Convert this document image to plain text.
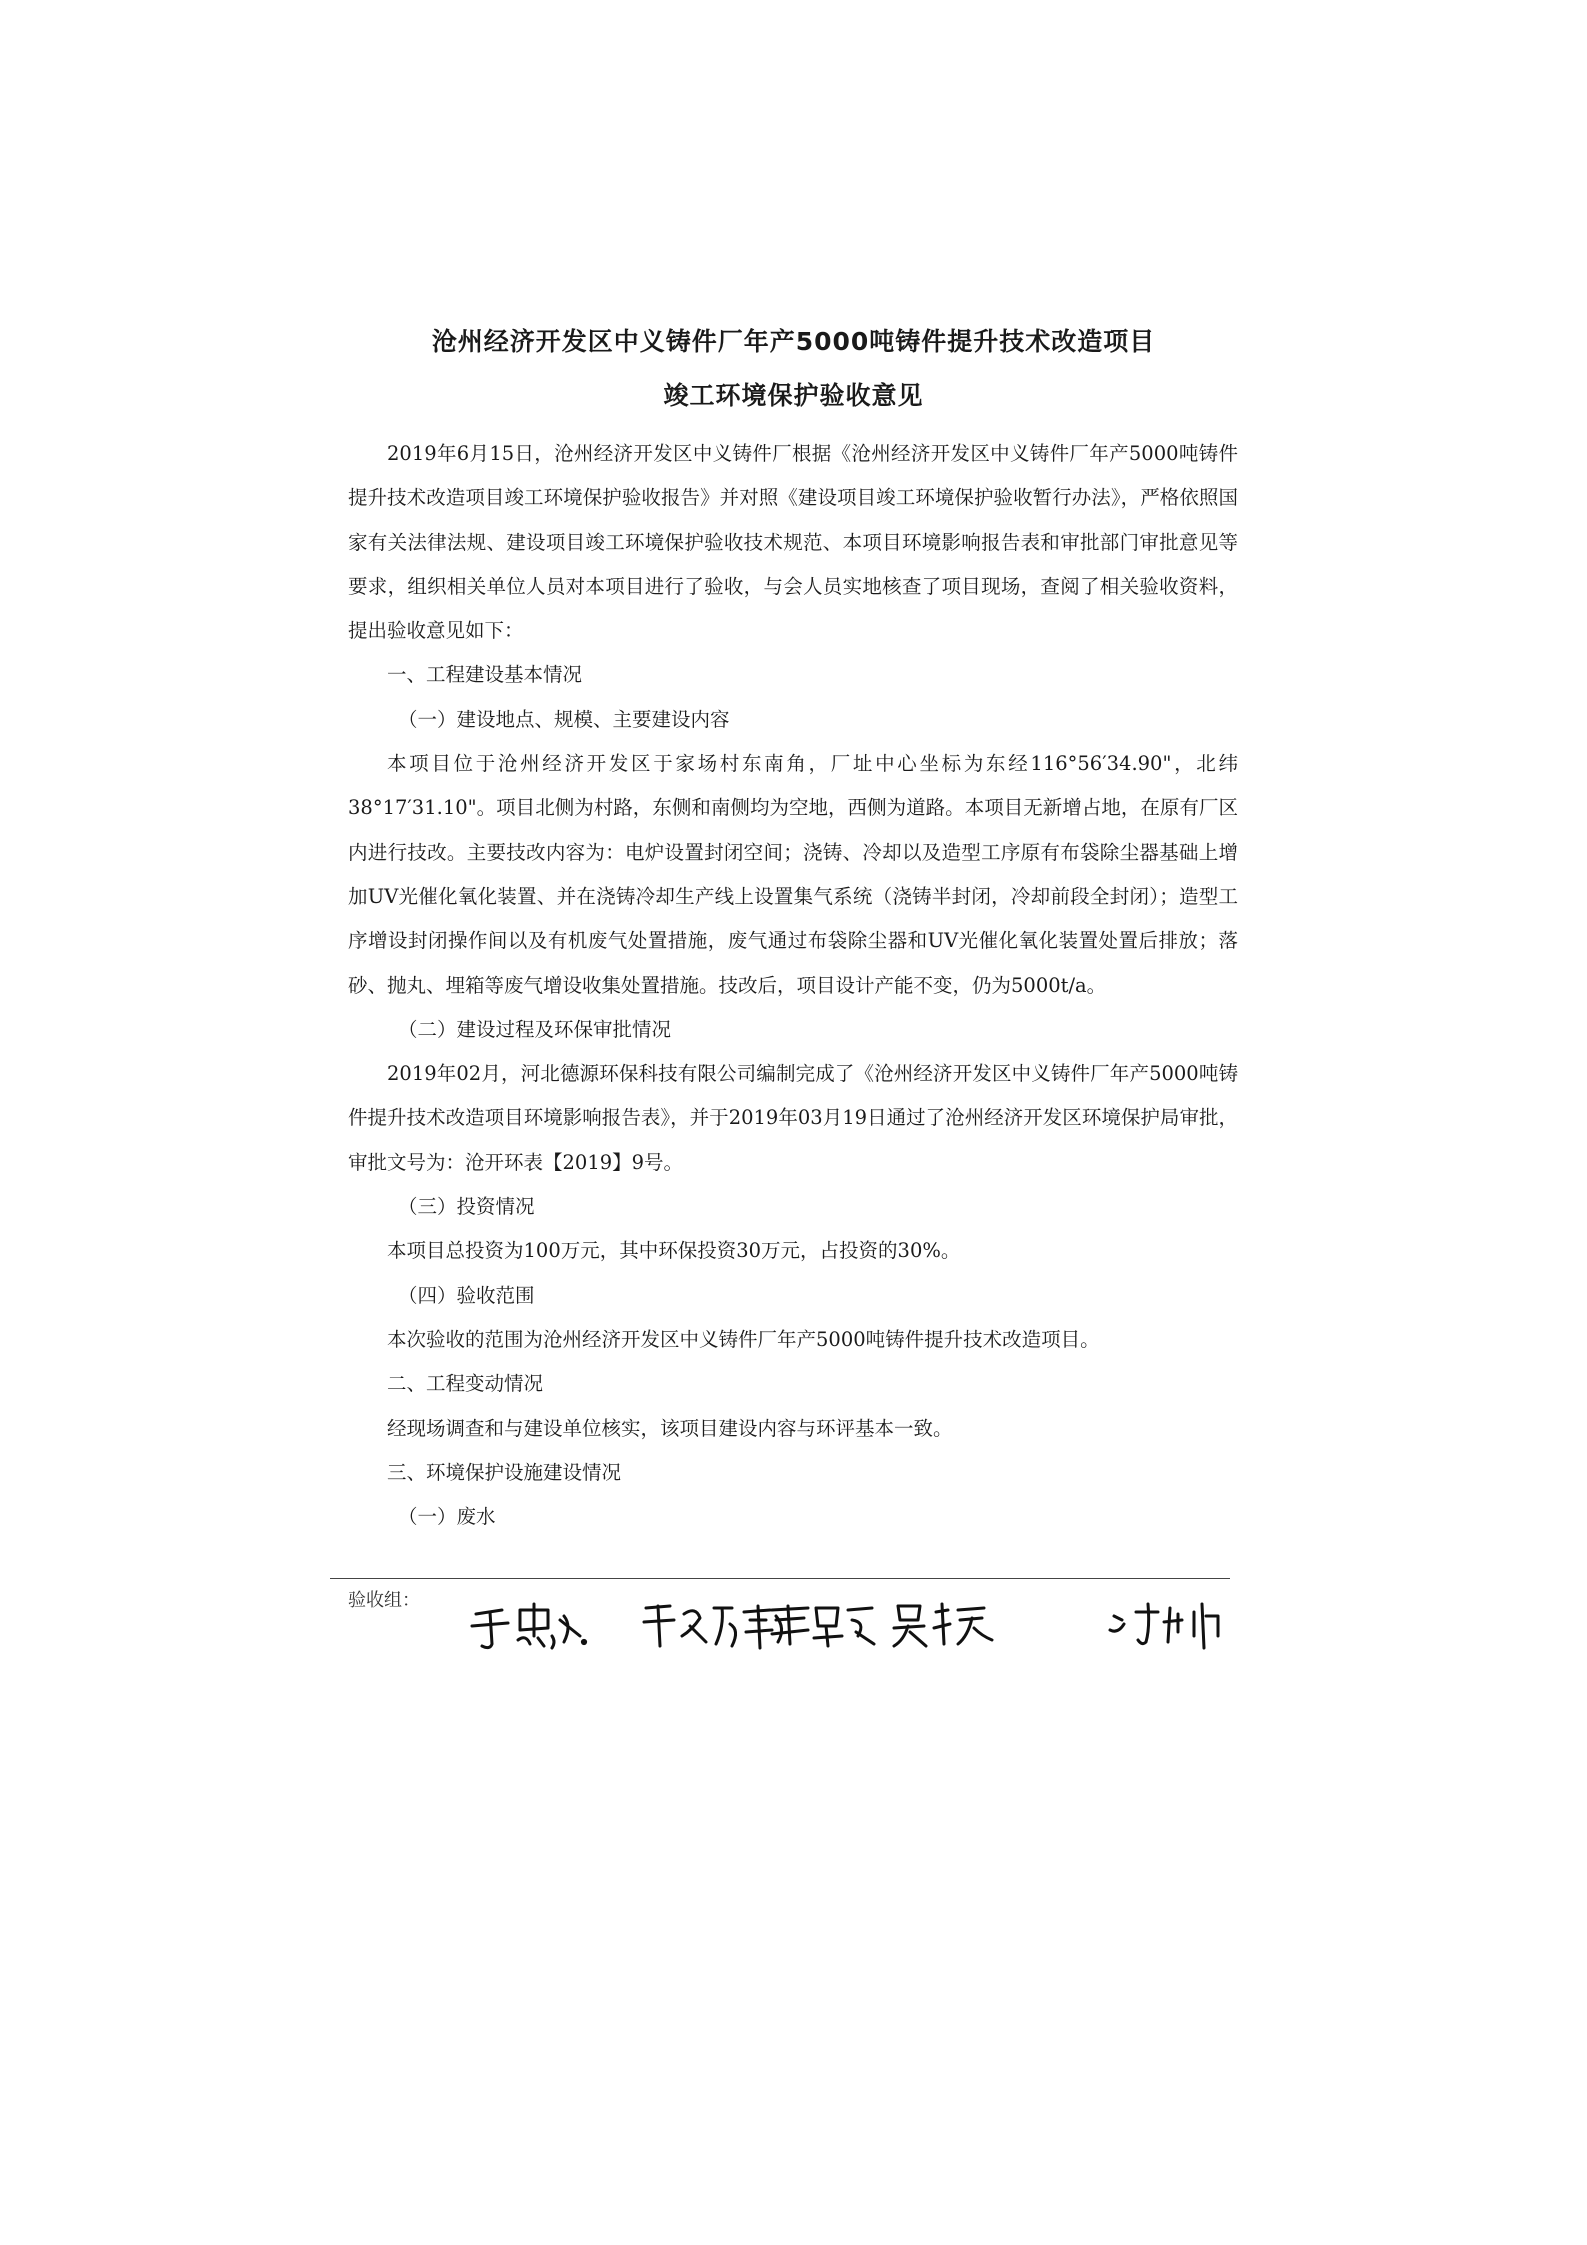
沧州经济开发区中义铸件厂年产5000吨铸件提升技术改造项目
竣工环境保护验收意见

2019年6月15日，沧州经济开发区中义铸件厂根据《沧州经济开发区中义铸件厂年产5000吨铸件提升技术改造项目竣工环境保护验收报告》并对照《建设项目竣工环境保护验收暂行办法》，严格依照国家有关法律法规、建设项目竣工环境保护验收技术规范、本项目环境影响报告表和审批部门审批意见等要求，组织相关单位人员对本项目进行了验收，与会人员实地核查了项目现场，查阅了相关验收资料，提出验收意见如下：

一、工程建设基本情况

（一）建设地点、规模、主要建设内容

本项目位于沧州经济开发区于家场村东南角，厂址中心坐标为东经116°56′34.90"，北纬38°17′31.10"。项目北侧为村路，东侧和南侧均为空地，西侧为道路。本项目无新增占地，在原有厂区内进行技改。主要技改内容为：电炉设置封闭空间；浇铸、冷却以及造型工序原有布袋除尘器基础上增加UV光催化氧化装置、并在浇铸冷却生产线上设置集气系统（浇铸半封闭，冷却前段全封闭）；造型工序增设封闭操作间以及有机废气处置措施，废气通过布袋除尘器和UV光催化氧化装置处置后排放；落砂、抛丸、埋箱等废气增设收集处置措施。技改后，项目设计产能不变，仍为5000t/a。

（二）建设过程及环保审批情况

2019年02月，河北德源环保科技有限公司编制完成了《沧州经济开发区中义铸件厂年产5000吨铸件提升技术改造项目环境影响报告表》，并于2019年03月19日通过了沧州经济开发区环境保护局审批，审批文号为：沧开环表【2019】9号。

（三）投资情况

本项目总投资为100万元，其中环保投资30万元，占投资的30%。

（四）验收范围

本次验收的范围为沧州经济开发区中义铸件厂年产5000吨铸件提升技术改造项目。

二、工程变动情况

经现场调查和与建设单位核实，该项目建设内容与环评基本一致。

三、环境保护设施建设情况

（一）废水

验收组：
